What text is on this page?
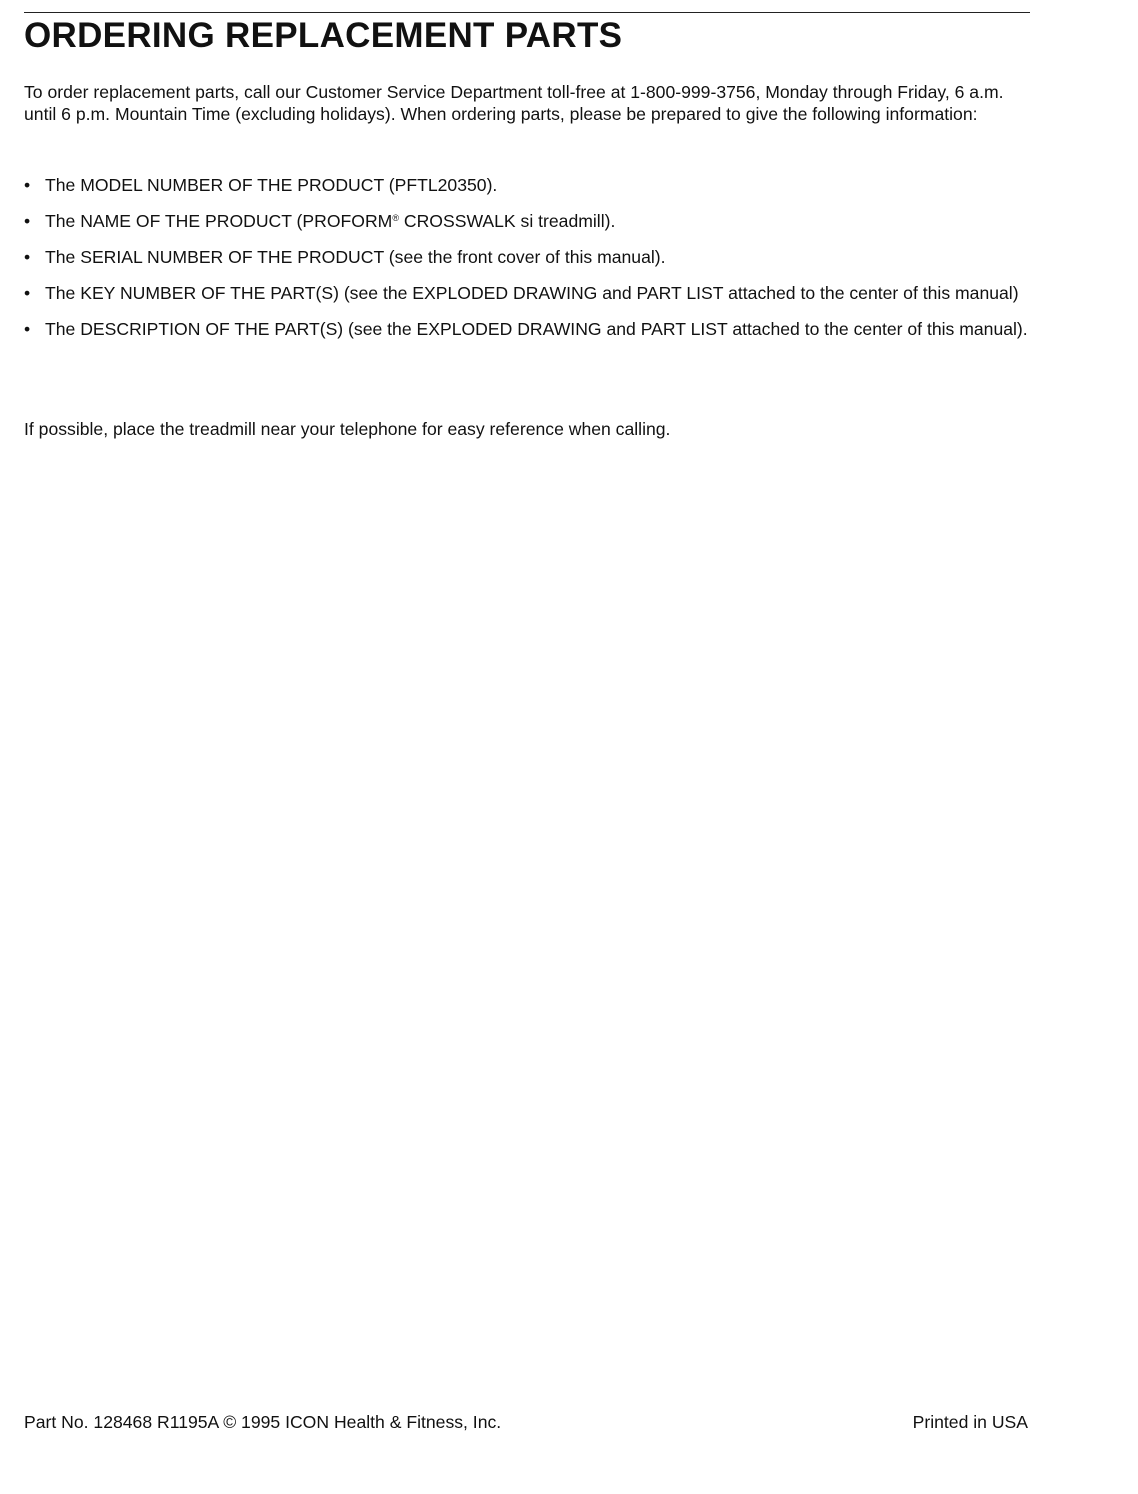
ORDERING REPLACEMENT PARTS

To order replacement parts, call our Customer Service Department toll-free at 1-800-999-3756, Monday through Friday, 6 a.m. until 6 p.m. Mountain Time (excluding holidays). When ordering parts, please be prepared to give the following information:

• The MODEL NUMBER OF THE PRODUCT (PFTL20350).
• The NAME OF THE PRODUCT (PROFORM® CROSSWALK si treadmill).
• The SERIAL NUMBER OF THE PRODUCT (see the front cover of this manual).
• The KEY NUMBER OF THE PART(S) (see the EXPLODED DRAWING and PART LIST attached to the center of this manual)
• The DESCRIPTION OF THE PART(S) (see the EXPLODED DRAWING and PART LIST attached to the center of this manual).

If possible, place the treadmill near your telephone for easy reference when calling.

Part No. 128468 R1195A © 1995 ICON Health & Fitness, Inc.	Printed in USA
